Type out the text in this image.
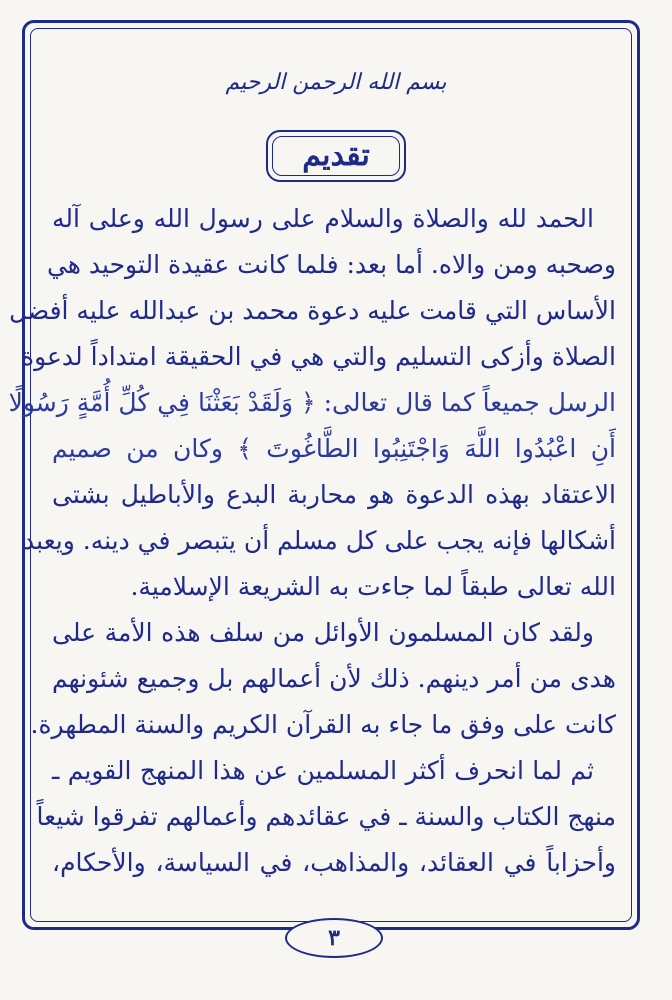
بسم الله الرحمن الرحيم
تقديم
الحمد لله والصلاة والسلام على رسول الله وعلى آله
وصحبه ومن والاه. أما بعد: فلما كانت عقيدة التوحيد هي
الأساس التي قامت عليه دعوة محمد بن عبدالله عليه أفضل
الصلاة وأزكى التسليم والتي هي في الحقيقة امتداداً لدعوة
الرسل جميعاً كما قال تعالى: ﴿ وَلَقَدْ بَعَثْنَا فِي كُلِّ أُمَّةٍ رَسُولًا
أَنِ اعْبُدُوا اللَّهَ وَاجْتَنِبُوا الطَّاغُوتَ ﴾ وكان من صميم
الاعتقاد بهذه الدعوة هو محاربة البدع والأباطيل بشتى
أشكالها فإنه يجب على كل مسلم أن يتبصر في دينه. ويعبد
الله تعالى طبقاً لما جاءت به الشريعة الإسلامية.
ولقد كان المسلمون الأوائل من سلف هذه الأمة على
هدى من أمر دينهم. ذلك لأن أعمالهم بل وجميع شئونهم
كانت على وفق ما جاء به القرآن الكريم والسنة المطهرة.
ثم لما انحرف أكثر المسلمين عن هذا المنهج القويم ـ
منهج الكتاب والسنة ـ في عقائدهم وأعمالهم تفرقوا شيعاً
وأحزاباً في العقائد، والمذاهب، في السياسة، والأحكام،
٣
